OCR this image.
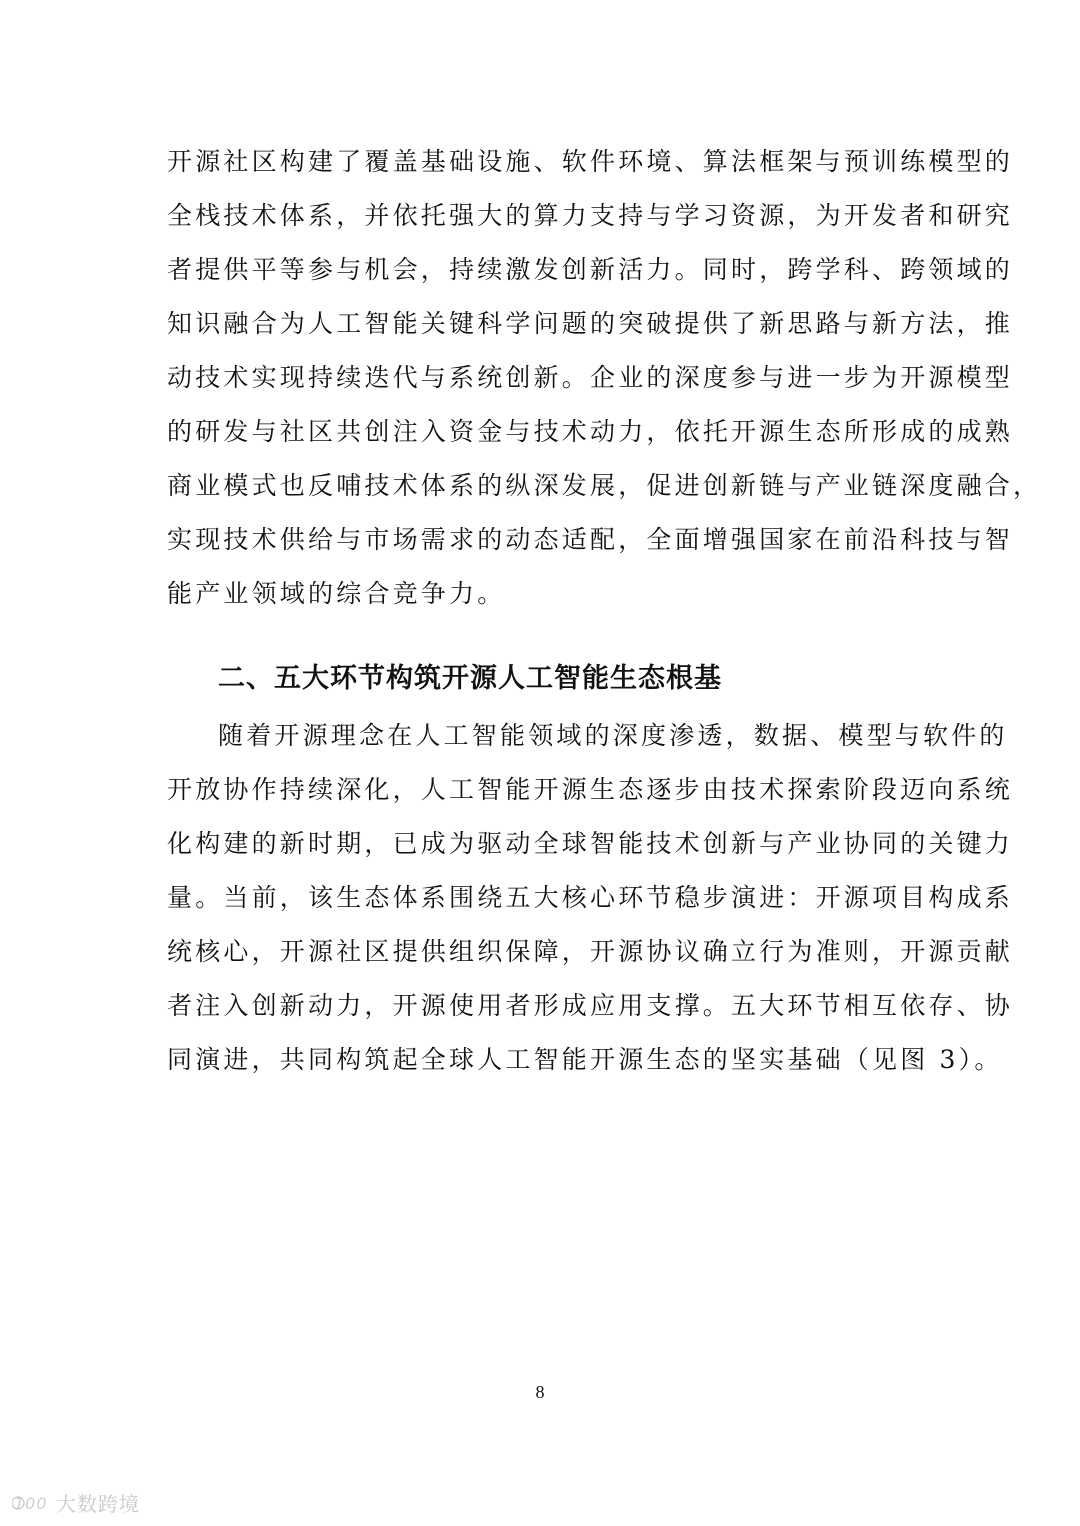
开源社区构建了覆盖基础设施、软件环境、算法框架与预训练模型的
全栈技术体系，并依托强大的算力支持与学习资源，为开发者和研究
者提供平等参与机会，持续激发创新活力。同时，跨学科、跨领域的
知识融合为人工智能关键科学问题的突破提供了新思路与新方法，推
动技术实现持续迭代与系统创新。企业的深度参与进一步为开源模型
的研发与社区共创注入资金与技术动力，依托开源生态所形成的成熟
商业模式也反哺技术体系的纵深发展，促进创新链与产业链深度融合，
实现技术供给与市场需求的动态适配，全面增强国家在前沿科技与智
能产业领域的综合竞争力。
二、五大环节构筑开源人工智能生态根基
随着开源理念在人工智能领域的深度渗透，数据、模型与软件的
开放协作持续深化，人工智能开源生态逐步由技术探索阶段迈向系统
化构建的新时期，已成为驱动全球智能技术创新与产业协同的关键力
量。当前，该生态体系围绕五大核心环节稳步演进：开源项目构成系
统核心，开源社区提供组织保障，开源协议确立行为准则，开源贡献
者注入创新动力，开源使用者形成应用支撑。五大环节相互依存、协
同演进，共同构筑起全球人工智能开源生态的坚实基础（见图 3）。
8
100 大数跨境
